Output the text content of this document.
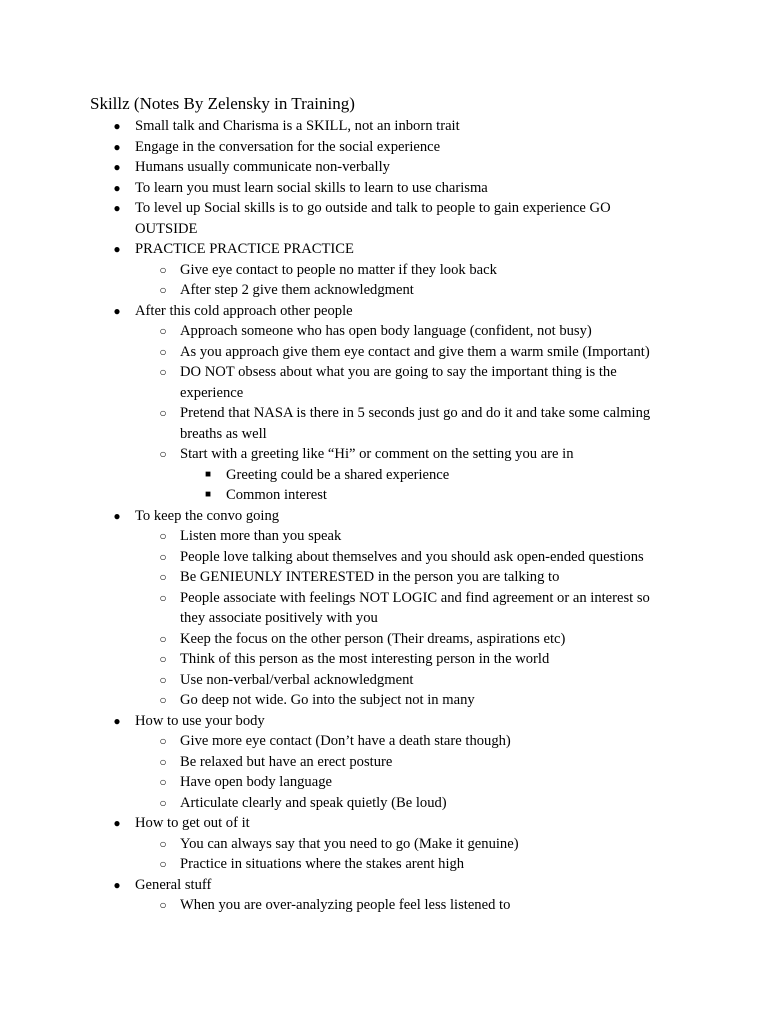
Skillz (Notes By Zelensky in Training)
● Small talk and Charisma is a SKILL, not an inborn trait
● Engage in the conversation for the social experience
● Humans usually communicate non-verbally
● To learn you must learn social skills to learn to use charisma
● To level up Social skills is to go outside and talk to people to gain experience GO OUTSIDE
● PRACTICE PRACTICE PRACTICE
○ Give eye contact to people no matter if they look back
○ After step 2 give them acknowledgment
● After this cold approach other people
○ Approach someone who has open body language (confident, not busy)
○ As you approach give them eye contact and give them a warm smile (Important)
○ DO NOT obsess about what you are going to say the important thing is the experience
○ Pretend that NASA is there in 5 seconds just go and do it and take some calming breaths as well
○ Start with a greeting like “Hi” or comment on the setting you are in
■ Greeting could be a shared experience
■ Common interest
● To keep the convo going
○ Listen more than you speak
○ People love talking about themselves and you should ask open-ended questions
○ Be GENIEUNLY INTERESTED in the person you are talking to
○ People associate with feelings NOT LOGIC and find agreement or an interest so they associate positively with you
○ Keep the focus on the other person (Their dreams, aspirations etc)
○ Think of this person as the most interesting person in the world
○ Use non-verbal/verbal acknowledgment
○ Go deep not wide. Go into the subject not in many
● How to use your body
○ Give more eye contact (Don’t have a death stare though)
○ Be relaxed but have an erect posture
○ Have open body language
○ Articulate clearly and speak quietly (Be loud)
● How to get out of it
○ You can always say that you need to go (Make it genuine)
○ Practice in situations where the stakes arent high
● General stuff
○ When you are over-analyzing people feel less listened to
